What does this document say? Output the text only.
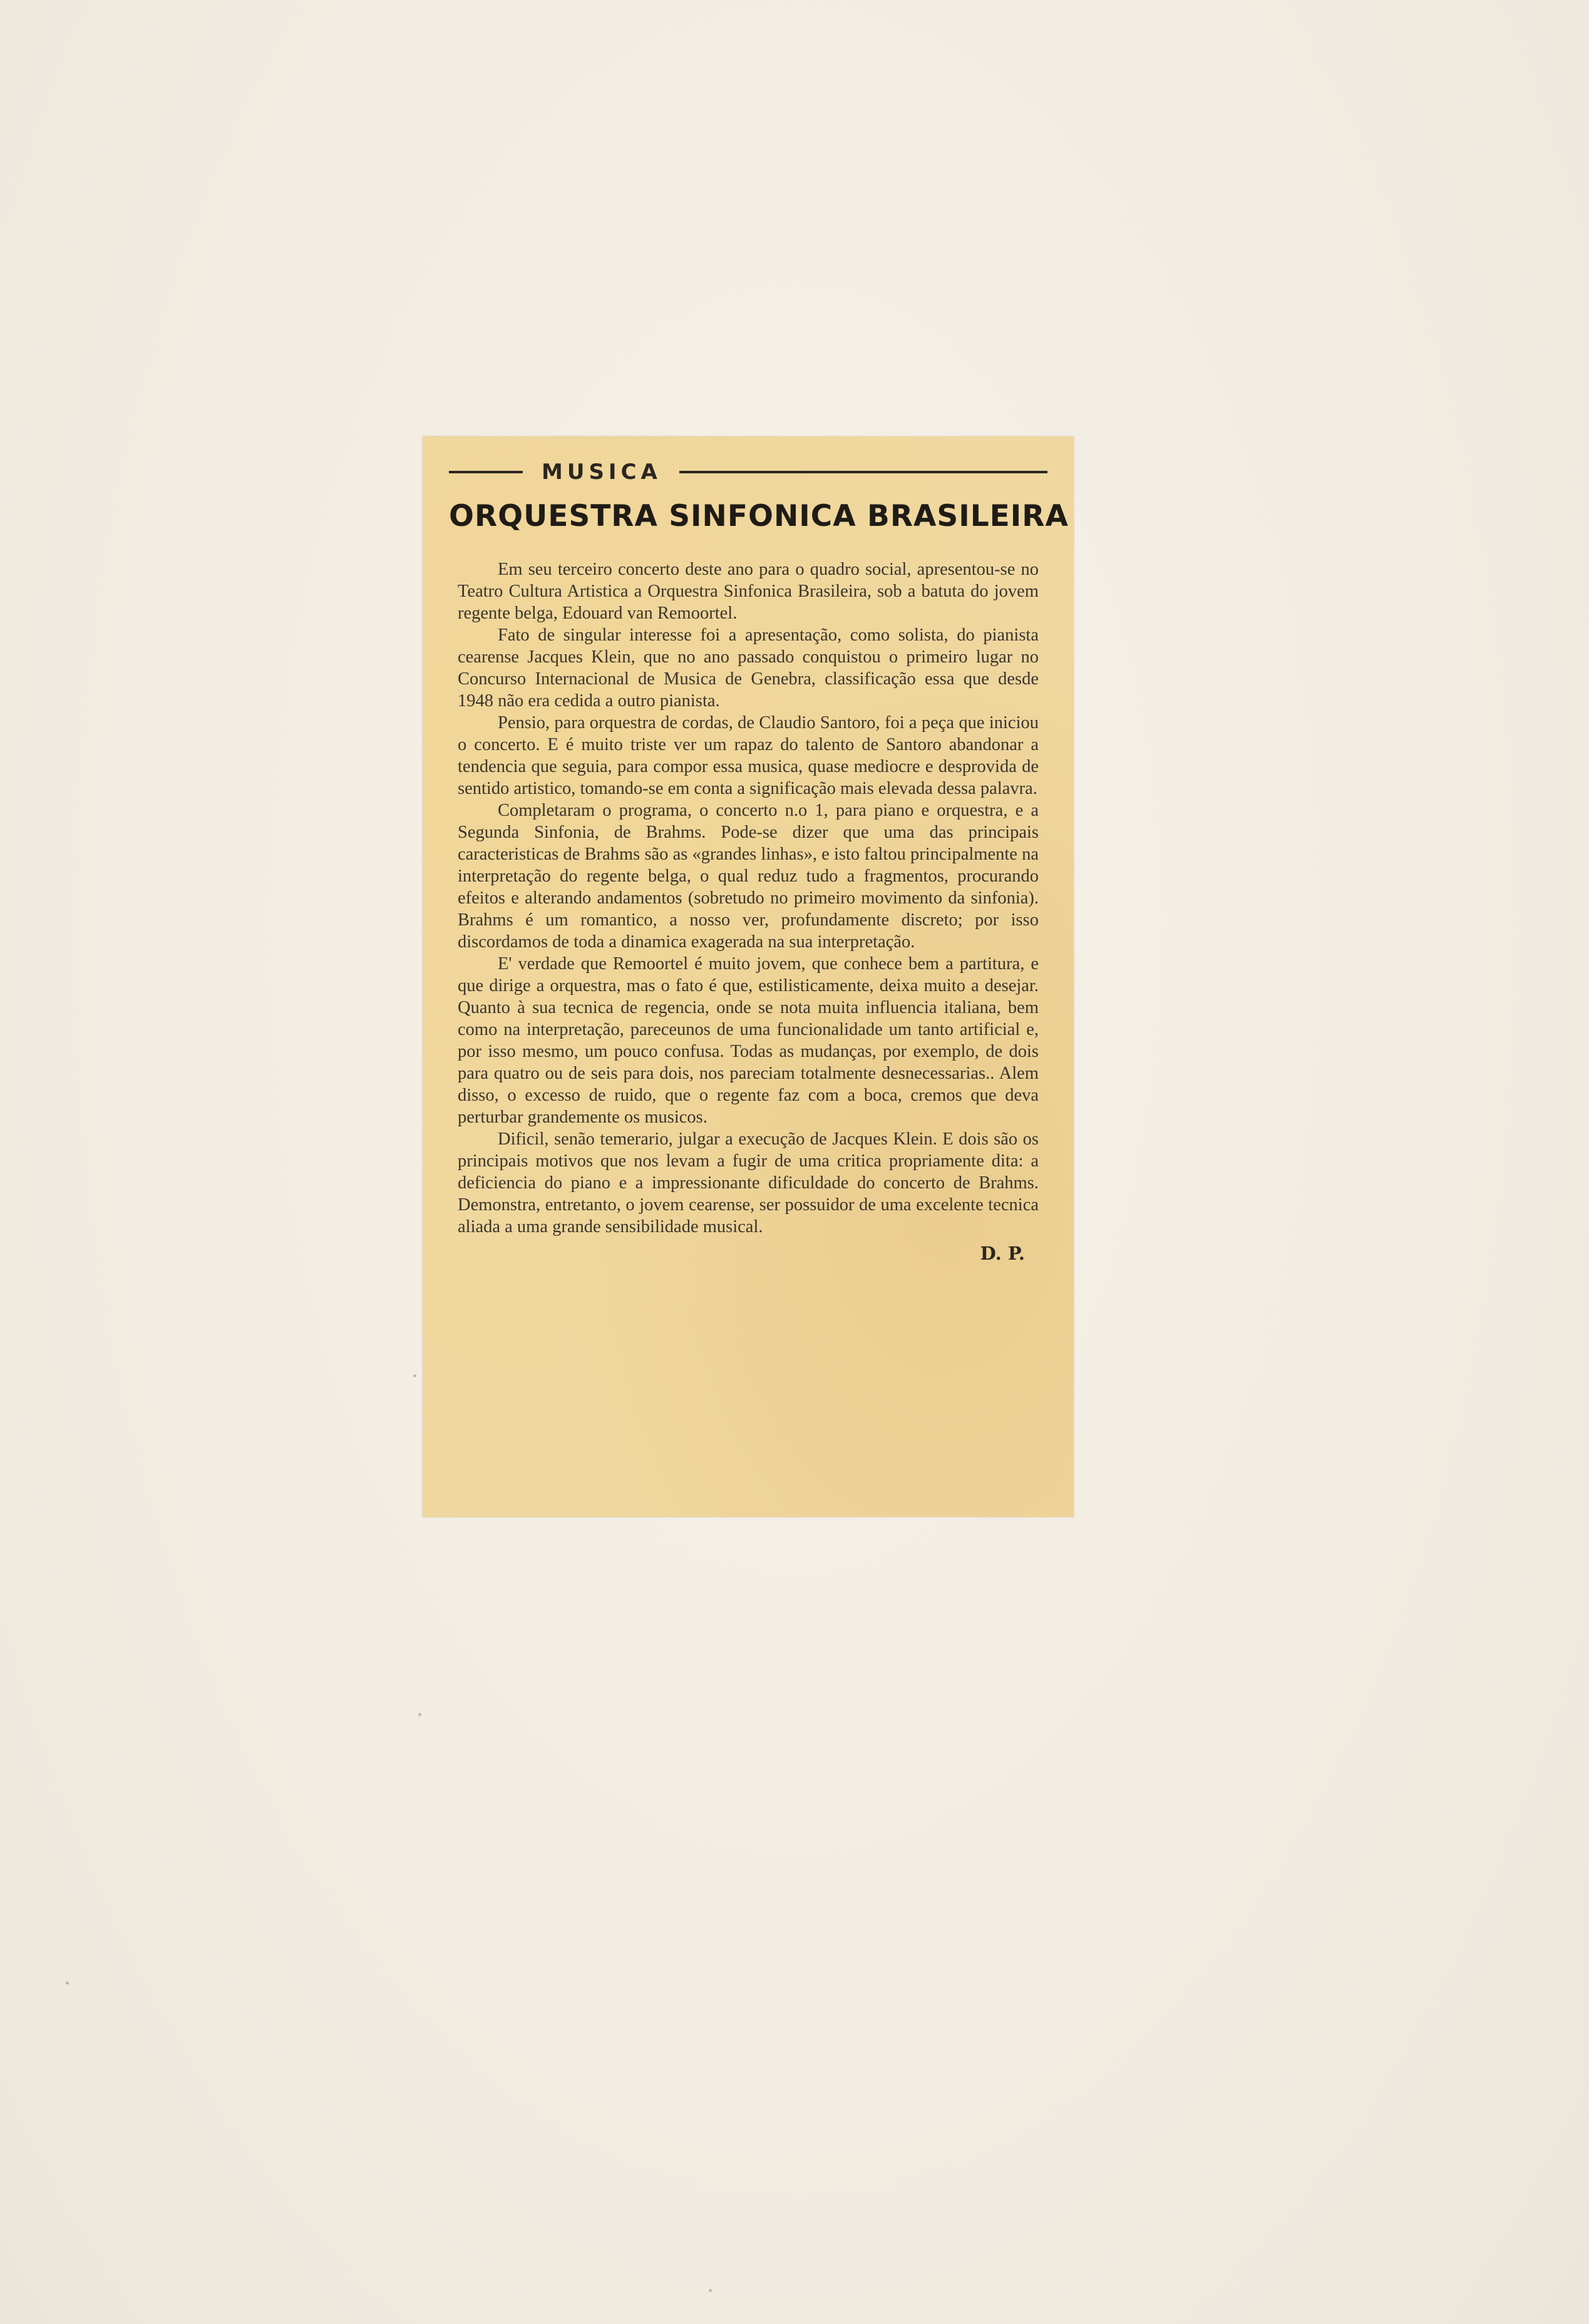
MUSICA
ORQUESTRA SINFONICA BRASILEIRA

Em seu terceiro concerto deste ano para o quadro social, apresentou-se no Teatro Cultura Artistica a Orquestra Sinfonica Brasileira, sob a batuta do jovem regente belga, Edouard van Remoortel.

Fato de singular interesse foi a apresentação, como solista, do pianista cearense Jacques Klein, que no ano passado conquistou o primeiro lugar no Concurso Internacional de Musica de Genebra, classificação essa que desde 1948 não era cedida a outro pianista.

Pensio, para orquestra de cordas, de Claudio Santoro, foi a peça que iniciou o concerto. E é muito triste ver um rapaz do talento de Santoro abandonar a tendencia que seguia, para compor essa musica, quase mediocre e desprovida de sentido artistico, tomando-se em conta a significação mais elevada dessa palavra.

Completaram o programa, o concerto n.o 1, para piano e orquestra, e a Segunda Sinfonia, de Brahms. Pode-se dizer que uma das principais caracteristicas de Brahms são as «grandes linhas», e isto faltou principalmente na interpretação do regente belga, o qual reduz tudo a fragmentos, procurando efeitos e alterando andamentos (sobretudo no primeiro movimento da sinfonia). Brahms é um romantico, a nosso ver, profundamente discreto; por isso discordamos de toda a dinamica exagerada na sua interpretação.

E' verdade que Remoortel é muito jovem, que conhece bem a partitura, e que dirige a orquestra, mas o fato é que, estilisticamente, deixa muito a desejar. Quanto à sua tecnica de regencia, onde se nota muita influencia italiana, bem como na interpretação, pareceunos de uma funcionalidade um tanto artificial e, por isso mesmo, um pouco confusa. Todas as mudanças, por exemplo, de dois para quatro ou de seis para dois, nos pareciam totalmente desnecessarias.. Alem disso, o excesso de ruido, que o regente faz com a boca, cremos que deva perturbar grandemente os musicos.

Dificil, senão temerario, julgar a execução de Jacques Klein. E dois são os principais motivos que nos levam a fugir de uma critica propriamente dita: a deficiencia do piano e a impressionante dificuldade do concerto de Brahms. Demonstra, entretanto, o jovem cearense, ser possuidor de uma excelente tecnica aliada a uma grande sensibilidade musical.

D. P.
